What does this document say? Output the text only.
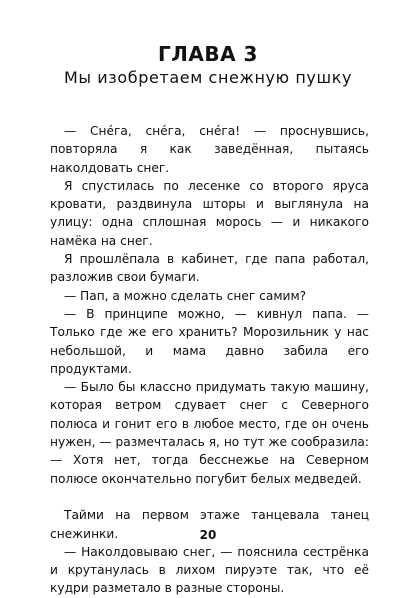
ГЛАВА 3
Мы изобретаем снежную пушку

— Снéга, снéга, снéга! — проснувшись, повторяла я как заведённая, пытаясь наколдовать снег.

Я спустилась по лесенке со второго яруса кровати, раздвинула шторы и выглянула на улицу: одна сплошная морось — и никакого намёка на снег.

Я прошлёпала в кабинет, где папа работал, разложив свои бумаги.

— Пап, а можно сделать снег самим?

— В принципе можно, — кивнул папа. — Только где же его хранить? Морозильник у нас небольшой, и мама давно забила его продуктами.

— Было бы классно придумать такую машину, которая ветром сдувает снег с Северного полюса и гонит его в любое место, где он очень нужен, — размечталась я, но тут же сообразила: — Хотя нет, тогда бесснежье на Северном полюсе окончательно погубит белых медведей.

Тайми на первом этаже танцевала танец снежинки.

— Наколдовываю снег, — пояснила сестрёнка и крутанулась в лихом пируэте так, что её кудри разметало в разные стороны.

20
